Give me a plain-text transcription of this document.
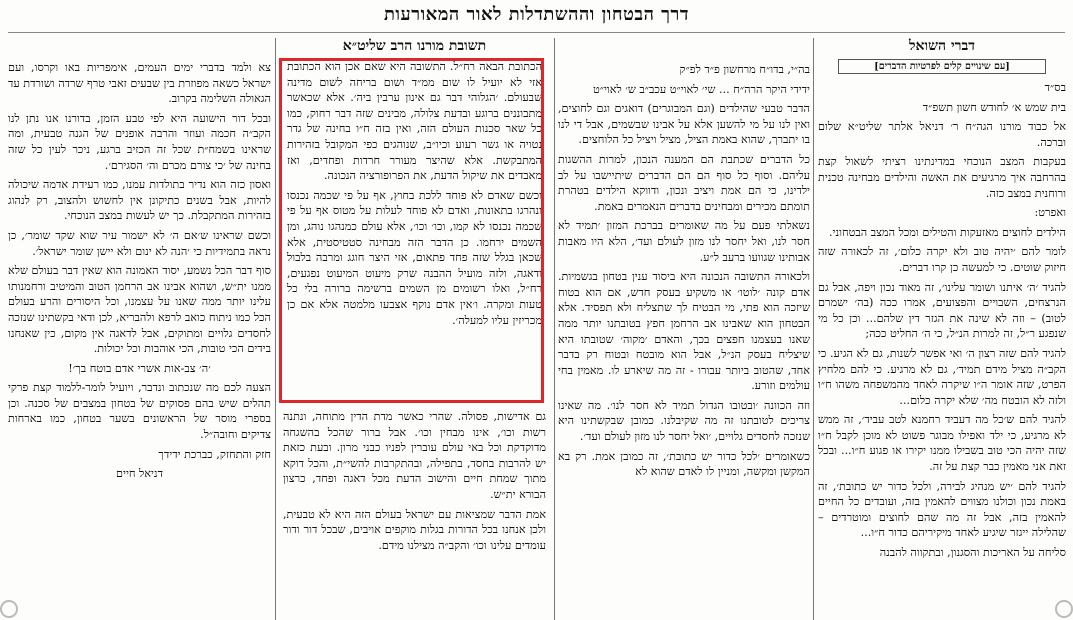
דרך הבטחון וההשתדלות לאור המאורעות
דברי השואל
[עם שינויים קלים לפרטיות הדברים]

בס״ד

בית שמש א׳ לחודש חשון תשפ״ד

אל כבוד מורנו הגה״ח ר׳ דניאל אלתר שליט״א שלום וברכה.

בעקבות המצב הנוכחי במדינתינו רציתי לשאול קצת בהרחבה איך מרגיעים את האשה והילדים מבחינה טכנית ורוחנית במצב כזה.

ואפרט:

הילדים לחוצים מאזעקות והטילים ומכל המצב הבטחוני.

לומר להם ׳יהיה טוב ולא יקרה כלום׳, זה לכאורה שזה חיזוק שוטים. כי למעשה כן קרו דברים.

להגיד ׳ה׳ איתנו ושומר עלינו׳, זה מאוד נכון ויפה, אבל גם הנרצחים, השבויים והפצועים, אמרו ככה (בה׳ ישמרם לטוב) – וזה לא שינה את הגזר דין שלהם... וכן כל מי שנפגע ר״ל, זה למרות הנ״ל, כי ה׳ החליט ככה;

להגיד להם שזה רצון ה׳ ואי אפשר לשנות, גם לא הגיע. כי הקב״ה מציל מידם תמיד׳, גם לא מרגיע. כי להם מלחיץ הפרט, שזה אומר ה״ו שיקרה לאחד מהמשפחה משהו ח״ו ולזה לא הובטח מה׳ שלא יקרה כלום...

להגיד להם ש׳כל מה דעביד רחמנא לטב עביד׳, זה ממש לא מרגיע, כי ילד ואפילו מבוגר פשוט לא מוכן לקבל ח״ו שזה יהיה הכי טוב בשבילו ממנו יקירו או פגוע ח״ו... ובכל זאת אני מאמין כבר קצת על זה.

להגיד להם ׳יש מנהיג לבירה, ולכל כדור יש כתובת׳, זה באמת נכון וכולנו מצווים להאמין בזה, ועובדים כל החיים להאמין בזה, אבל זה מה שהם לחוצים ומוטרדים – שהלילה ייגזר שיגיע לאחד מיקיריהם כדור ח״ו...

סליחה על האריכות והסגנון, ובתקווה להבנה

בה״י, בדו״ח מרחשון פ״ד לפ״ק

ידידי היקר הרה״ח ... שי׳ לאוי״ט עכב״ב ש׳ לאוי״ט

הדבר טבעי שהילדים (וגם המבוגרים) דואגים וגם לחוצים, ואין לנו על מי להשען אלא על אבינו שבשמים, אבל די לנו בו יתברך, שהוא באמת הציל, מציל ויציל כל הלוחצים.

כל הדברים שכתבת הם המענה הנכון, למרות ההשגות עליהם. וסוף כל סוף הם הם הדברים שיתיישבו על לב ילדינו, כי הם אמת ויציב ונכון, ודווקא הילדים בטהרת תומתם מכירים ומבחינים בדברים הנאמרים באמת.

נשאלתי פעם על מה שאומרים בברכת המזון ׳תמיד לא חסר לנו, ואל יחסר לנו מזון לעולם ועד׳, הלא היו מאבות אבותינו שגוועו ברעב ל״ע.

ולכאורה התשובה הנכונה היא ביסוד ענין בטחון בגשמיות. אדם קונה ׳לוטו׳ או משקיע בעסק חדש, אם הוא בטוח שיזכה הוא פתי, מי הבטיח לך שתצליח ולא תפסיד. אלא הבטחון הוא שאבינו אב הרחמן חפץ בטובתנו יותר ממה שאנו בעצמנו חפצים בכך, והאדם ׳מקוה׳ שטובתו היא שיצליח בעסק הנ״ל, אבל הוא מובטח ובטוח רק בדבר אחד, שהטוב ביותר עבורו - זה מה שיארע לו. מאמין בחי עולמים וזורע.

וזה הכוונה ׳ובטובו הגדול תמיד לא חסר לנו׳. מה שאינו צריכים לטובתנו זה מה שקיבלנו. כמובן שבקשתינו היא שנזכה לחסדים גלויים, ׳ואל יחסר לנו מזון לעולם ועד׳.

כשאומרים ׳לכל כדור יש כתובת׳, זה כמובן אמת. רק בא המקשן ומקשה, ומניין לו לאדם שהוא לא

תשובת מורנו הרב שליט״א

הכתובת הבאה רח״ל. התשובה היא שאם אכן הוא הכתובת אזי לא יועיל לו שום ממ״ד ושום בריחה לשום מדינה שבעולם. ׳הגלוהי דבר גם אינון ערבין ביה׳. אלא שכאשר מתבוננים ברוגע ובדעת צלולה, מבינים שזה דבר רחוק, כמו כל שאר סכנות העולם הזה, ואין בזה ח״ו בחינה של גדר נטויה או גשר רעוע וכיו״ב, שנוהגים כפי המקובל בזהירות המתבקשת. אלא שהיצר מעורר חרדות ופחדים, ואז מאבדים את שיקול הדעת, את הפרופורציה הנכונה.

וכשם שאדם לא פוחד ללכת בחוץ, אף על פי שכמה נכנסו ונהרגו בתאונות, ואדם לא פוחד לעלות על מטוס אף על פי שכמה נכנסו לא קמו, וכו׳ וכו׳, אלא עולם כמנהגו נוהג, ומן השמים ירחמו. כן הדבר הזה מבחינה סטטיסטית, אלא שכאן בגלל שזה פחד פתאום, אזי היצר חוגג ומרבה בלבול ודאגה, ולזה מועיל ההבנה שרק מיעוט המיעוט נפגעים, רח״ל, ואלו רשומים מן השמים ברשימה ברורה בלי כל טעות ומקרה. ו׳אין אדם נוקף אצבעו מלמטה אלא אם כן מכריזין עליו למעלה׳.

גם אדישות, פסולה. שהרי כאשר מדת הדין מתוחה, ונתנה רשות וכו׳, אינו מבחין וכו׳. אבל ברור שהכל בהשגחה מדוקדקת וכל באי עולם עוברין לפניו כבני מרון. ובעת כזאת יש להרבות בחסד, בתפילה, ובהתקרבות להשי״ת, והכל דוקא מתוך שמחת חיים והישוב הדעת מכל דאגה ופחד, כרצון הבורא ית״ש.

אמת הדבר שמציאות עם ישראל בעולם הזה היא לא טבעית, ולכן אנחנו בכל הדורות בגלות מוקפים אויבים, שבכל דור ודור עומדים עלינו וכו׳ והקב״ה מצילנו מידם.

צא ולמד בדברי ימים העמים, אימפריות באו וקרסו, ועם ישראל כשאה מפוזרת בין שבעים זאבי טרף שרדה ושורדת עד הגאולה השלימה בקרוב.

ובכל דור הישועה היא לפי טבע הזמן, בדורנו אנו נתן לנו הקב״ה חכמה ועוזר והרבה אופנים של הגנה טבעית, ומה שראינו בשמח״ת שכל זה הכזיב ברגע, ניכר לעין כל שזה בחינה של ׳כי צורם מכרם וה׳ הסגירם׳.

ואסון כזה הוא נדיר בתולדות עמנו, כמו רעידת אדמה שיכולה להיות, אבל בשנים כתיקונן אין לחשוש ולהצוב, רק לנהוג בזהירות המתקבלת. כך יש לעשות במצב הנוכחי.

וכשם שראינו ש׳אם ה׳ לא ישמור עיר שוא שקד שומר׳, כן נראה בתמידיות כי ׳הנה לא ינום ולא יישן שומר ישראל׳.

סוף דבר הכל נשמע, יסוד האמונה הוא שאין דבר בעולם שלא ממנו ית״ש, ושהוא אבינו אב הרחמן הטוב והמיטיב ורחמנותו עלינו יותר ממה שאנו על עצמנו, וכל היסורים והרע בעולם הכל כמו ניתוח כואב לרפא ולהבריא, לכן ודאי בקשתינו שנזכה לחסדים גלויים ומתוקים, אבל לדאגה אין מקום, כין שאנחנו בידים הכי טובות, הכי אוהבות וכל יכולות.

׳ה׳ צב-אות אשרי אדם בוטח בך׳!

הצעה לכם מה שנכתוב ונדבר, ויועיל לומר-ללמוד קצת פרקי תהלים שיש בהם פסוקים של בטחון במצבים של סכנה. וכן בספרי מוסר של הראשונים בשער בטחון, כמו בארחות צדיקים וחובה״ל.

חזק והתחזק, כברכת ידידך

דניאל חיים
